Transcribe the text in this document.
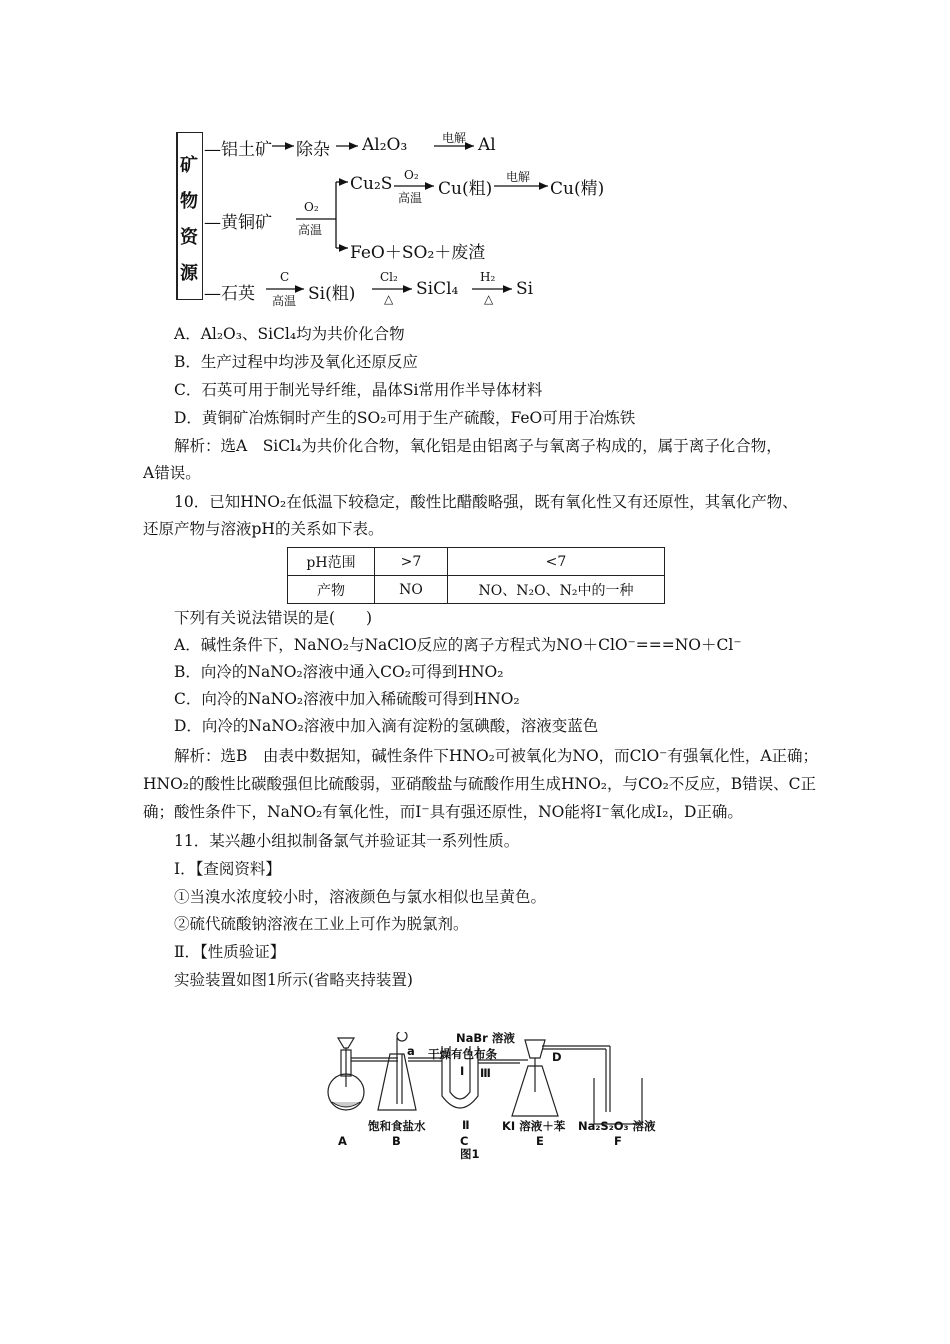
矿
物
资
源
—铝土矿 除杂 Al₂O₃	电解 Al
—黄铜矿
O₂
高温
Cu₂S O₂
高温 Cu(粗)
电解
Cu(精)
FeO＋SO₂＋废渣
—石英
C
高温 Si(粗)
Cl₂
△ SiCl₄
H₂
△ Si
A．Al₂O₃、SiCl₄均为共价化合物
B．生产过程中均涉及氧化还原反应
C．石英可用于制光导纤维，晶体Si常用作半导体材料
D．黄铜矿冶炼铜时产生的SO₂可用于生产硫酸，FeO可用于冶炼铁
解析：选A　SiCl₄为共价化合物，氧化铝是由铝离子与氧离子构成的，属于离子化合物，
A错误。
10．已知HNO₂在低温下较稳定，酸性比醋酸略强，既有氧化性又有还原性，其氧化产物、
还原产物与溶液pH的关系如下表。
pH范围	>7	<7
产物	NO	NO、N₂O、N₂中的一种
下列有关说法错误的是(　　)
A．碱性条件下，NaNO₂与NaClO反应的离子方程式为NO＋ClO⁻===NO＋Cl⁻
B．向冷的NaNO₂溶液中通入CO₂可得到HNO₂
C．向冷的NaNO₂溶液中加入稀硫酸可得到HNO₂
D．向冷的NaNO₂溶液中加入滴有淀粉的氢碘酸，溶液变蓝色
解析：选B　由表中数据知，碱性条件下HNO₂可被氧化为NO，而ClO⁻有强氧化性，A正确；
HNO₂的酸性比碳酸强但比硫酸弱，亚硝酸盐与硫酸作用生成HNO₂，与CO₂不反应，B错误、C正
确；酸性条件下，NaNO₂有氧化性，而I⁻具有强还原性，NO能将I⁻氧化成I₂，D正确。
11．某兴趣小组拟制备氯气并验证其一系列性质。
Ⅰ．【查阅资料】
①当溴水浓度较小时，溶液颜色与氯水相似也呈黄色。
②硫代硫酸钠溶液在工业上可作为脱氯剂。
Ⅱ．【性质验证】
实验装置如图1所示(省略夹持装置)
a
NaBr 溶液
干燥有色布条
Ⅰ
Ⅱ
Ⅲ
D
饱和食盐水	KI 溶液＋苯 Na₂S₂O₃ 溶液
A	B	C	E	F
图1
